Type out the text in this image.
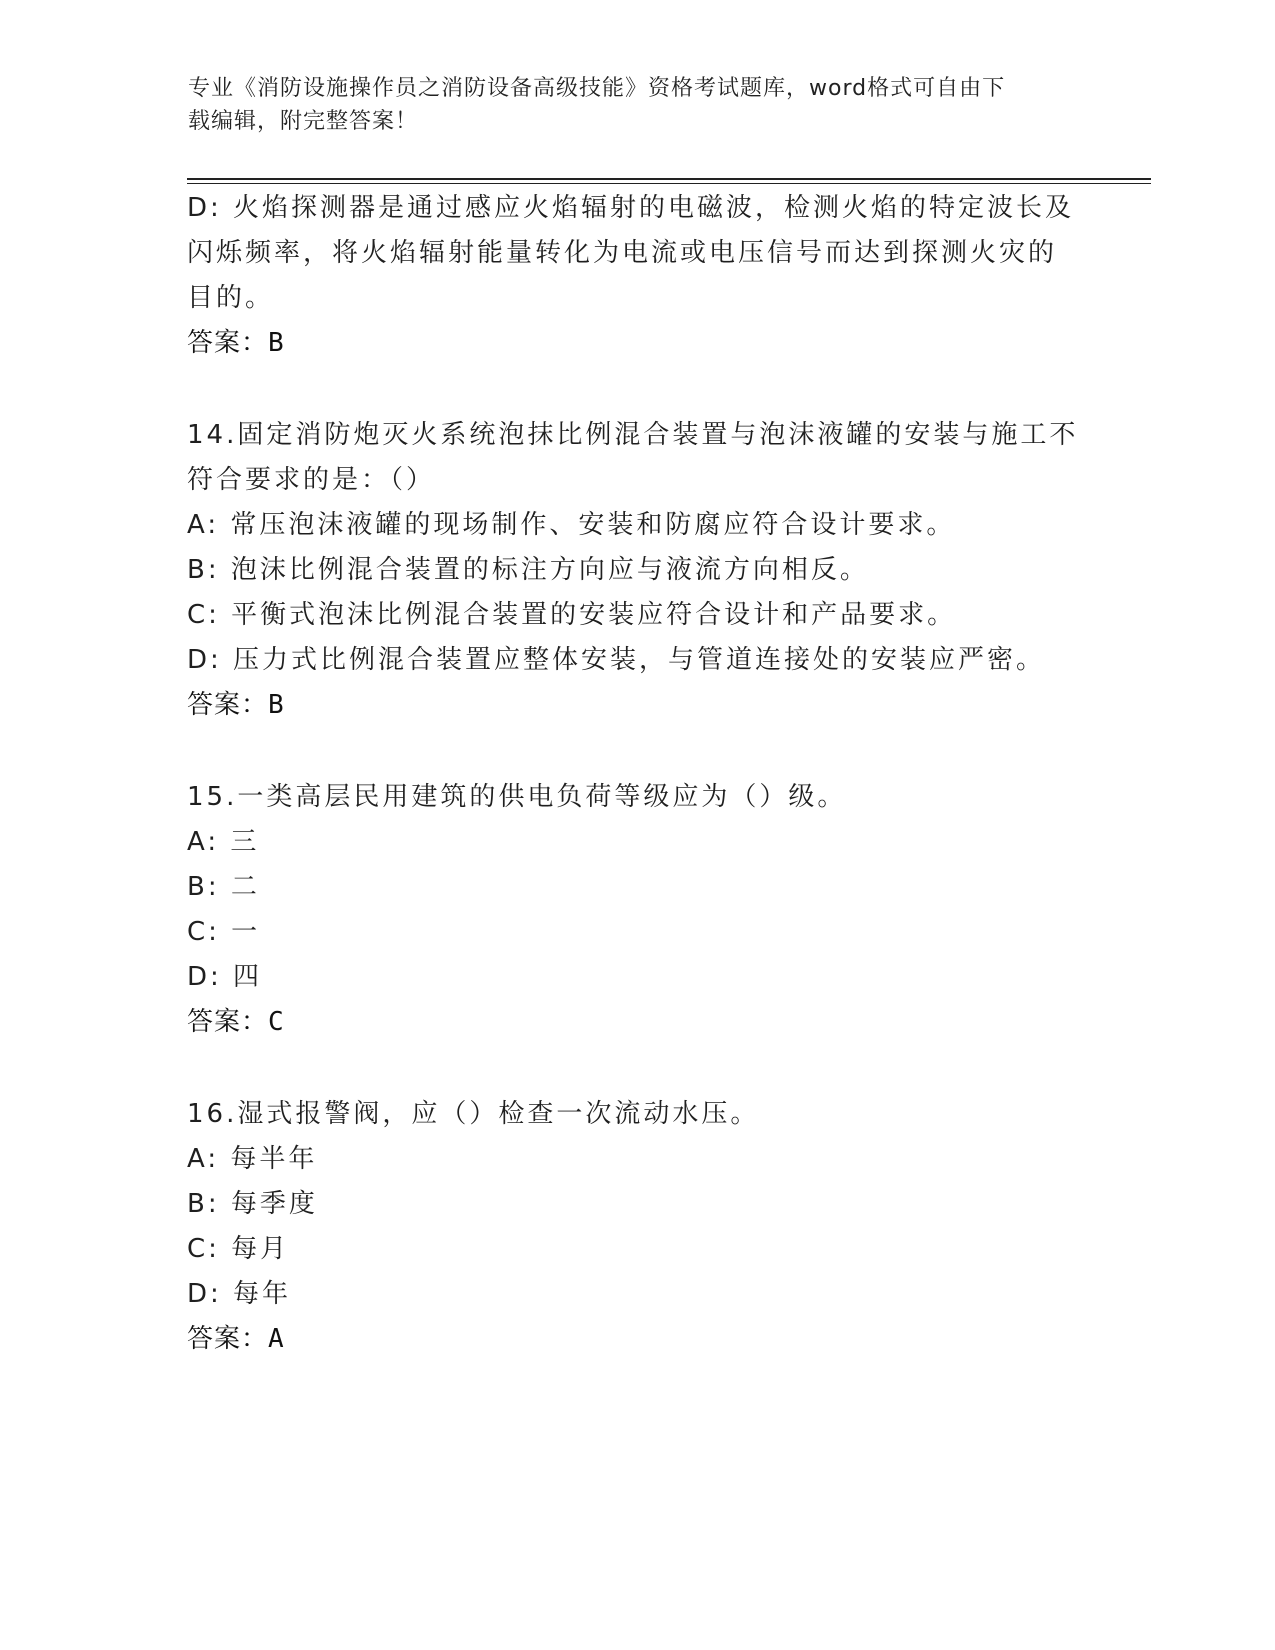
专业《消防设施操作员之消防设备高级技能》资格考试题库，word格式可自由下
载编辑，附完整答案！
D: 火焰探测器是通过感应火焰辐射的电磁波，检测火焰的特定波长及
闪烁频率，将火焰辐射能量转化为电流或电压信号而达到探测火灾的
目的。
答案：B
14.固定消防炮灭火系统泡抹比例混合装置与泡沫液罐的安装与施工不
符合要求的是：（）
A: 常压泡沫液罐的现场制作、安装和防腐应符合设计要求。
B: 泡沫比例混合装置的标注方向应与液流方向相反。
C: 平衡式泡沫比例混合装置的安装应符合设计和产品要求。
D: 压力式比例混合装置应整体安装，与管道连接处的安装应严密。
答案：B
15.一类高层民用建筑的供电负荷等级应为（）级。
A: 三
B: 二
C: 一
D: 四
答案：C
16.湿式报警阀，应（）检查一次流动水压。
A: 每半年
B: 每季度
C: 每月
D: 每年
答案：A
